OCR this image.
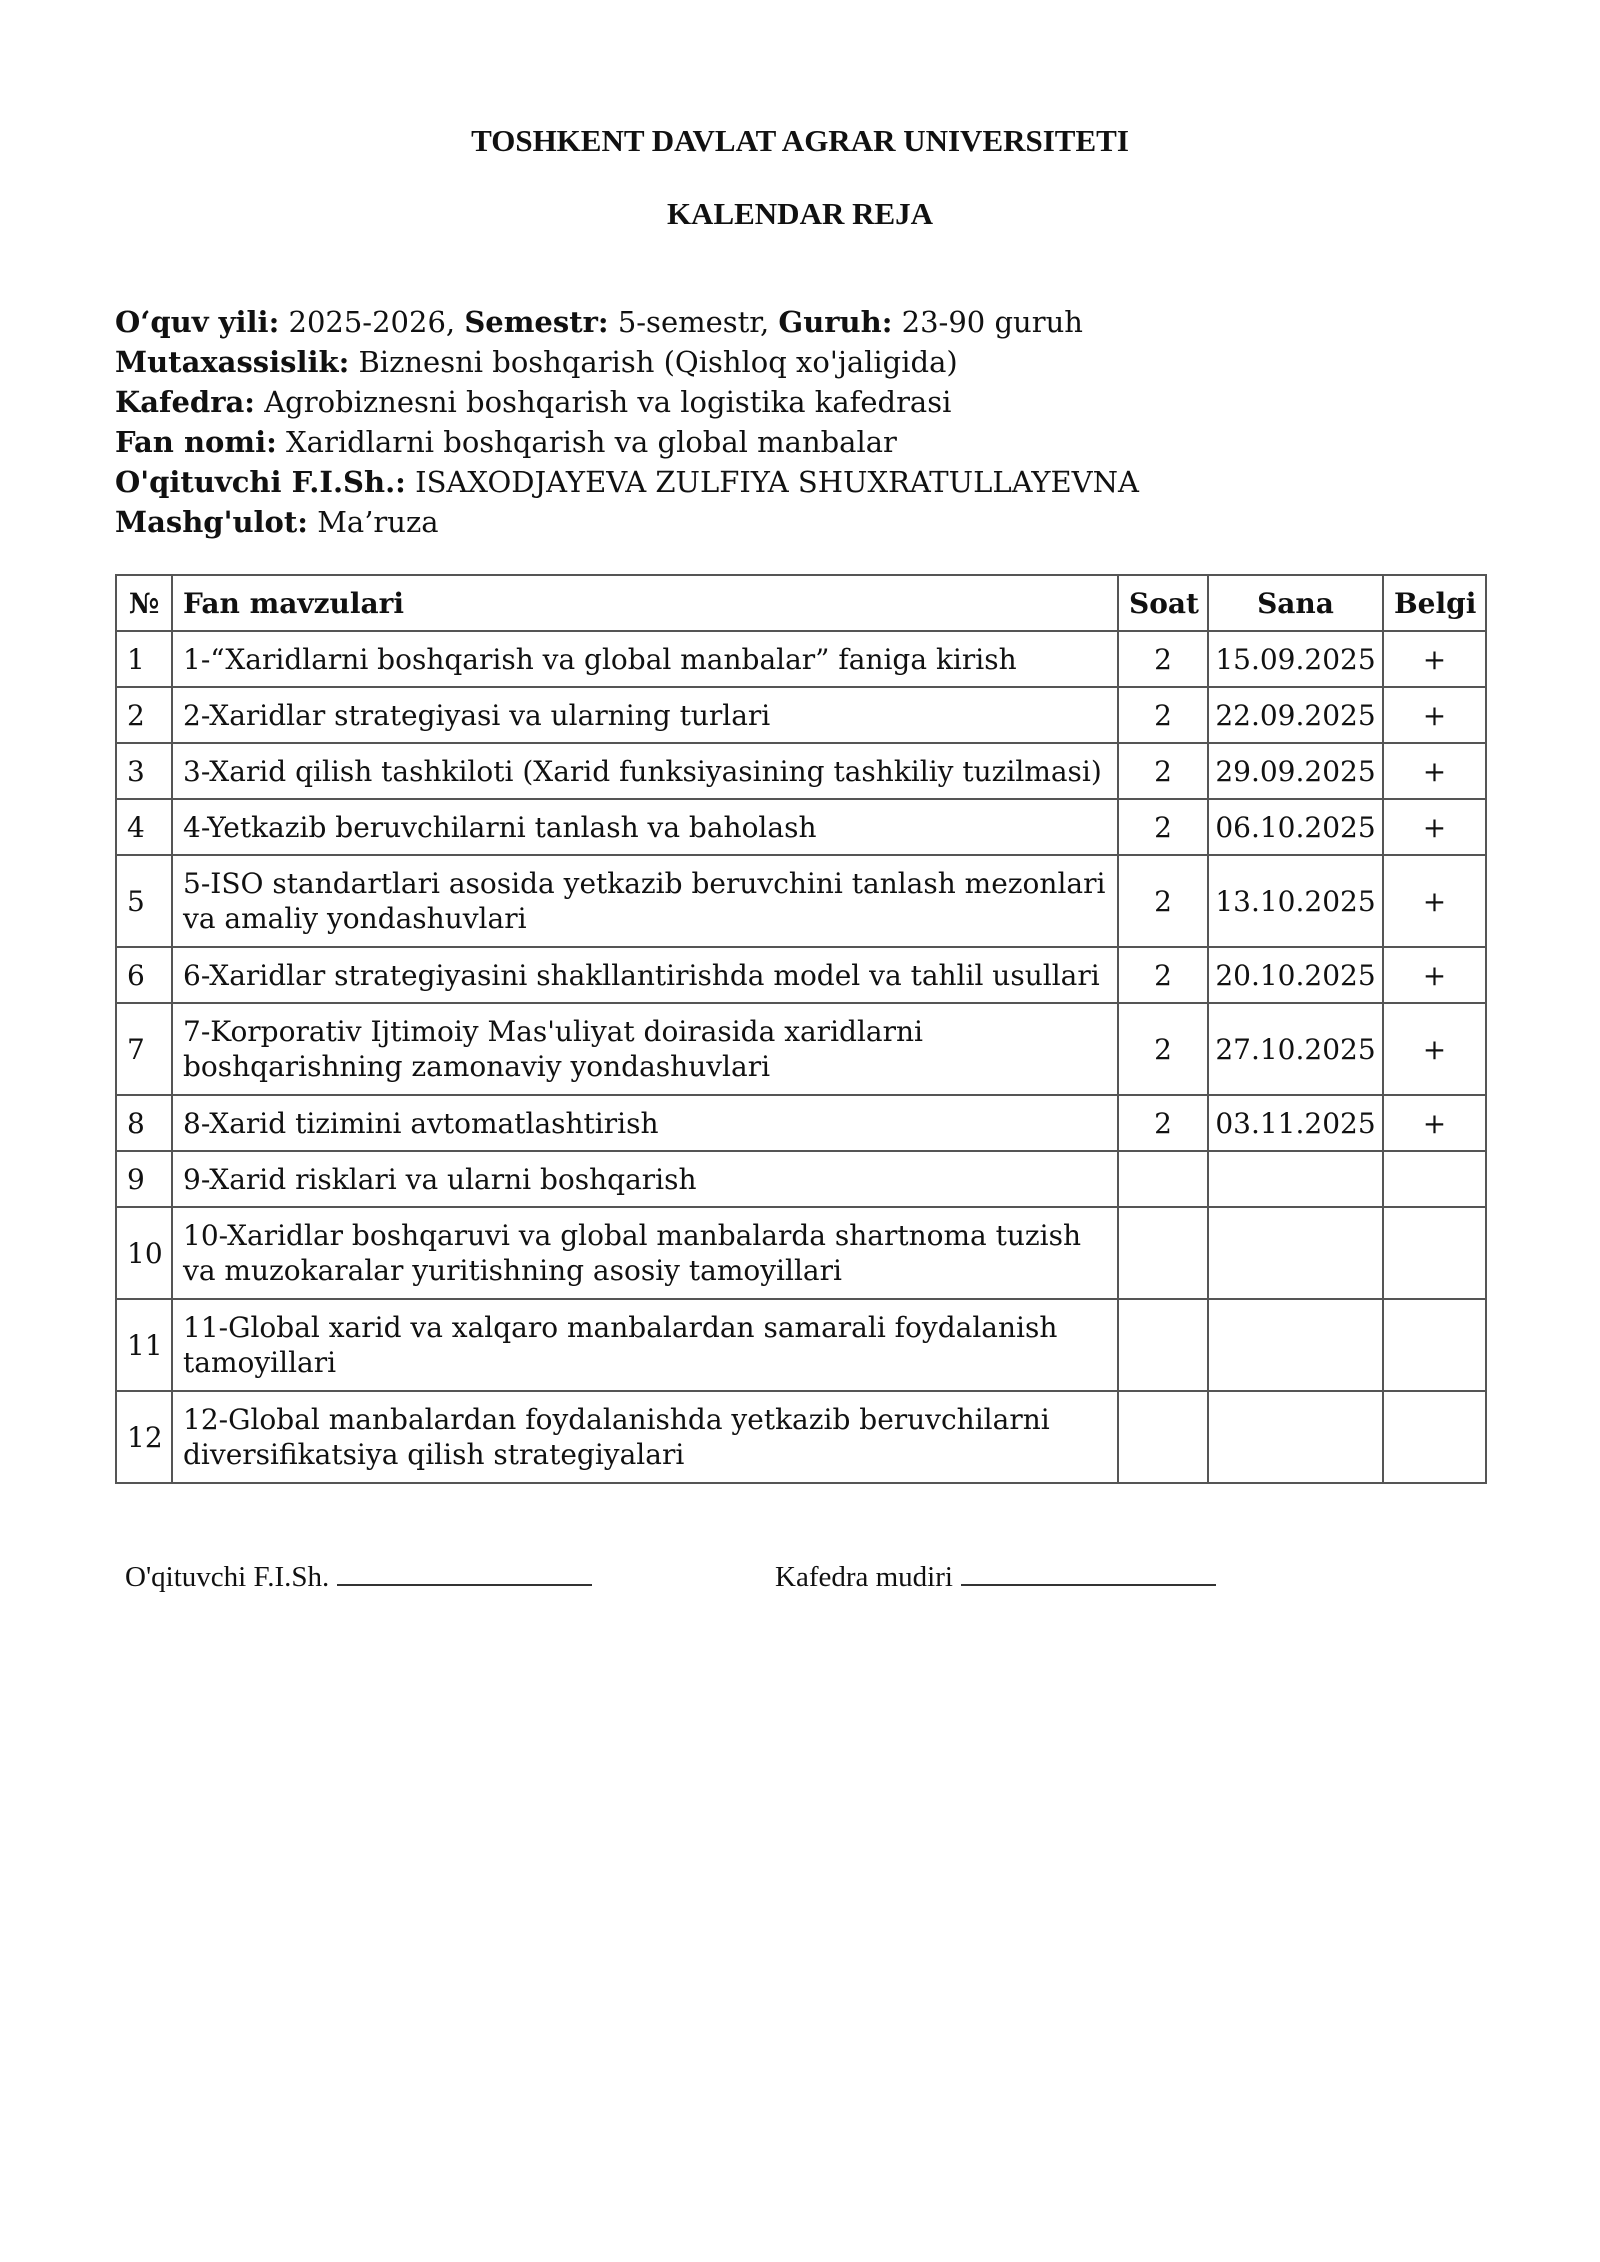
TOSHKENT DAVLAT AGRAR UNIVERSITETI
KALENDAR REJA
O‘quv yili: 2025-2026, Semestr: 5-semestr, Guruh: 23-90 guruh
Mutaxassislik: Biznesni boshqarish (Qishloq xo'jaligida)
Kafedra: Agrobiznesni boshqarish va logistika kafedrasi
Fan nomi: Xaridlarni boshqarish va global manbalar
O'qituvchi F.I.Sh.: ISAXODJAYEVA ZULFIYA SHUXRATULLAYEVNA
Mashg'ulot: Ma’ruza
№	Fan mavzulari	Soat	Sana	Belgi
1	1-“Xaridlarni boshqarish va global manbalar” faniga kirish	2	15.09.2025	+
2	2-Xaridlar strategiyasi va ularning turlari	2	22.09.2025	+
3	3-Xarid qilish tashkiloti (Xarid funksiyasining tashkiliy tuzilmasi)	2	29.09.2025	+
4	4-Yetkazib beruvchilarni tanlash va baholash	2	06.10.2025	+
5	5-ISO standartlari asosida yetkazib beruvchini tanlash mezonlari va amaliy yondashuvlari	2	13.10.2025	+
6	6-Xaridlar strategiyasini shakllantirishda model va tahlil usullari	2	20.10.2025	+
7	7-Korporativ Ijtimoiy Mas'uliyat doirasida xaridlarni boshqarishning zamonaviy yondashuvlari	2	27.10.2025	+
8	8-Xarid tizimini avtomatlashtirish	2	03.11.2025	+
9	9-Xarid risklari va ularni boshqarish			
10	10-Xaridlar boshqaruvi va global manbalarda shartnoma tuzish va muzokaralar yuritishning asosiy tamoyillari			
11	11-Global xarid va xalqaro manbalardan samarali foydalanish tamoyillari			
12	12-Global manbalardan foydalanishda yetkazib beruvchilarni diversifikatsiya qilish strategiyalari			
O'qituvchi F.I.Sh.	Kafedra mudiri
